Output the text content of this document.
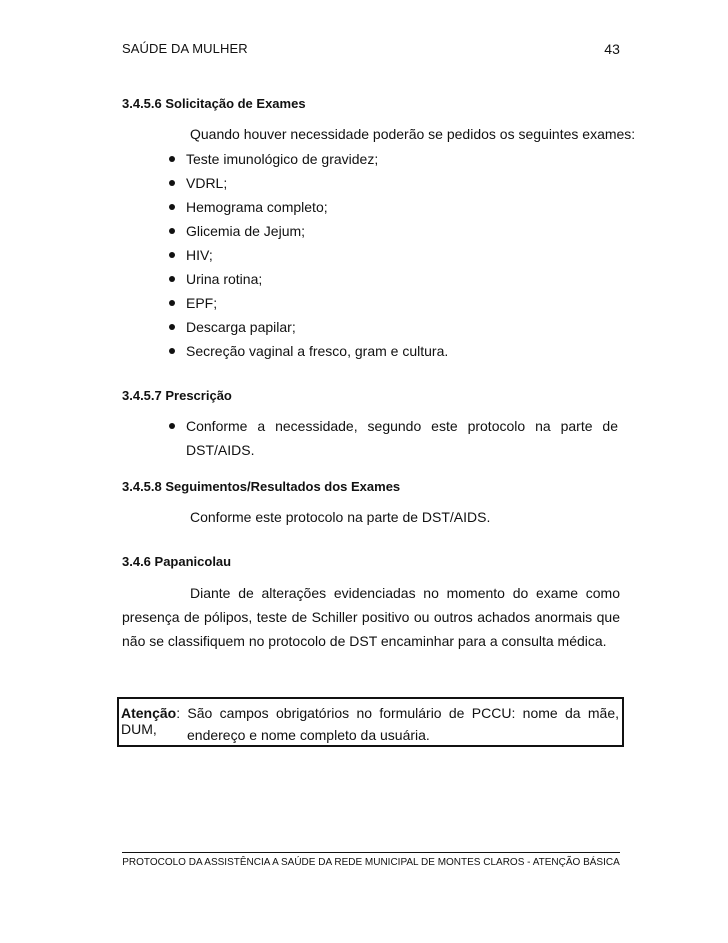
SAÚDE DA MULHER	43
3.4.5.6 Solicitação de Exames
Quando houver necessidade poderão se pedidos os seguintes exames:
Teste imunológico de gravidez;
VDRL;
Hemograma completo;
Glicemia de Jejum;
HIV;
Urina rotina;
EPF;
Descarga papilar;
Secreção vaginal a fresco, gram e cultura.
3.4.5.7 Prescrição
Conforme a necessidade, segundo este protocolo na parte de
DST/AIDS.
3.4.5.8 Seguimentos/Resultados dos Exames
Conforme este protocolo na parte de DST/AIDS.
3.4.6 Papanicolau
Diante de alterações evidenciadas no momento do exame como
presença de pólipos, teste de Schiller positivo ou outros achados anormais que
não se classifiquem no protocolo de DST encaminhar para a consulta médica.
Atenção: São campos obrigatórios no formulário de PCCU: nome da mãe, DUM,	endereço e nome completo da usuária.
PROTOCOLO DA ASSISTÊNCIA A SAÚDE DA REDE MUNICIPAL DE MONTES CLAROS - ATENÇÃO BÁSICA
